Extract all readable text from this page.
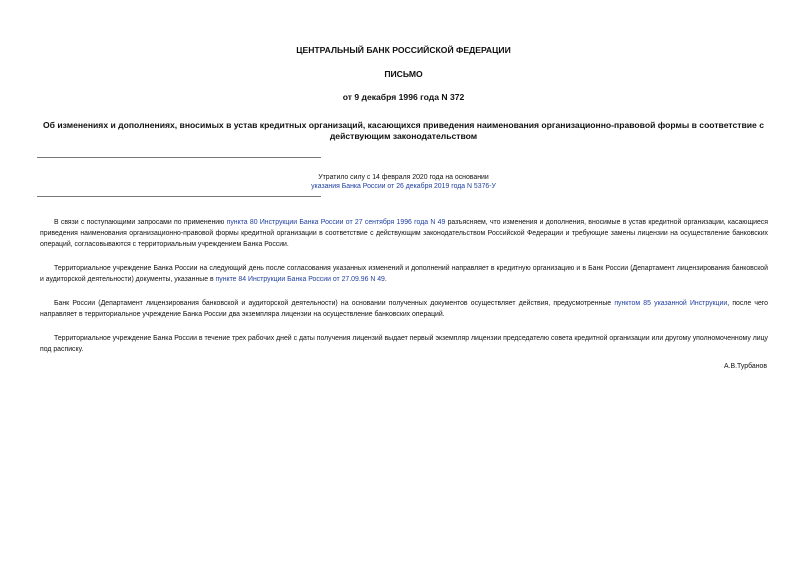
ЦЕНТРАЛЬНЫЙ БАНК РОССИЙСКОЙ ФЕДЕРАЦИИ
ПИСЬМО
от 9 декабря 1996 года N 372
Об изменениях и дополнениях, вносимых в устав кредитных организаций, касающихся приведения наименования организационно-правовой формы в соответствие с действующим законодательством
Утратило силу с 14 февраля 2020 года на основании
указания Банка России от 26 декабря 2019 года N 5376-У

В связи с поступающими запросами по применению пункта 80 Инструкции Банка России от 27 сентября 1996 года N 49 разъясняем, что изменения и дополнения, вносимые в устав кредитной организации, касающиеся приведения наименования организационно-правовой формы кредитной организации в соответствие с действующим законодательством Российской Федерации и требующие замены лицензии на осуществление банковских операций, согласовываются с территориальным учреждением Банка России.

Территориальное учреждение Банка России на следующий день после согласования указанных изменений и дополнений направляет в кредитную организацию и в Банк России (Департамент лицензирования банковской и аудиторской деятельности) документы, указанные в пункте 84 Инструкции Банка России от 27.09.96 N 49.

Банк России (Департамент лицензирования банковской и аудиторской деятельности) на основании полученных документов осуществляет действия, предусмотренные пунктом 85 указанной Инструкции, после чего направляет в территориальное учреждение Банка России два экземпляра лицензии на осуществление банковских операций.

Территориальное учреждение Банка России в течение трех рабочих дней с даты получения лицензий выдает первый экземпляр лицензии председателю совета кредитной организации или другому уполномоченному лицу под расписку.

А.В.Турбанов
